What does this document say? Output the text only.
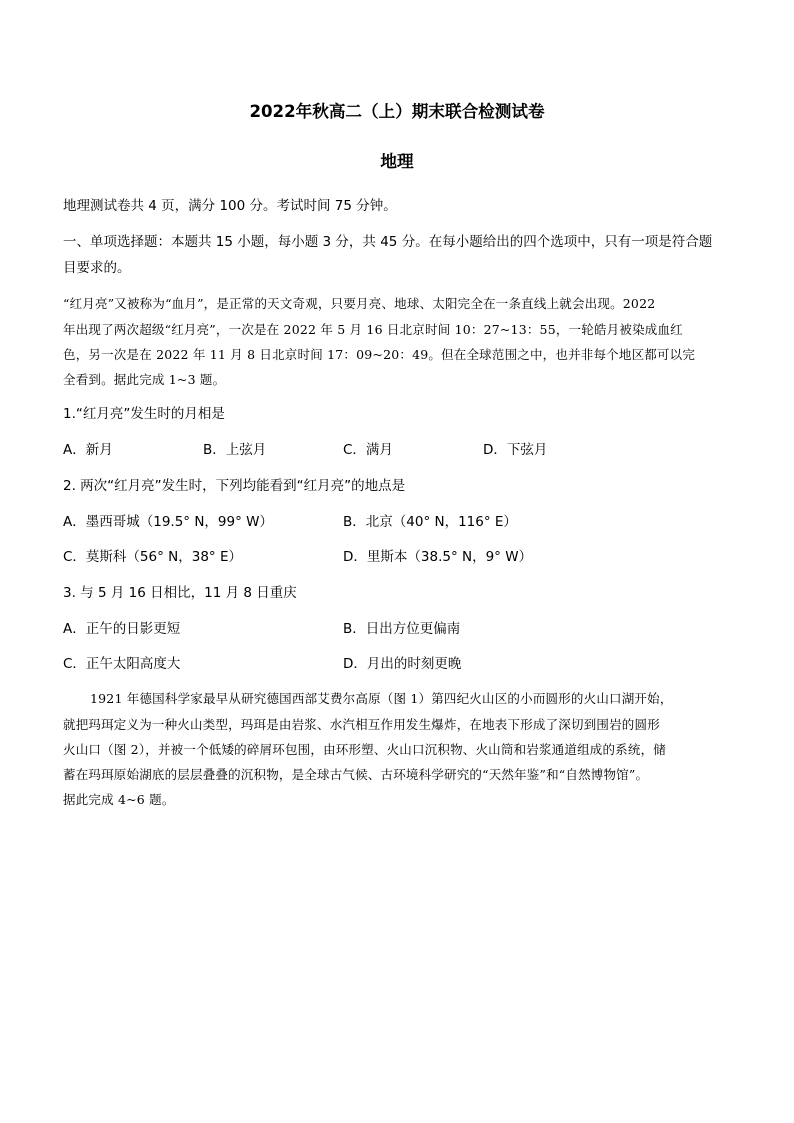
2022年秋高二（上）期末联合检测试卷
地理
地理测试卷共 4 页，满分 100 分。考试时间 75 分钟。
一、单项选择题：本题共 15 小题，每小题 3 分，共 45 分。在每小题给出的四个选项中，只有一项是符合题
目要求的。
“红月亮”又被称为“血月”，是正常的天文奇观，只要月亮、地球、太阳完全在一条直线上就会出现。2022
年出现了两次超级“红月亮”，一次是在 2022 年 5 月 16 日北京时间 10：27~13：55，一轮皓月被染成血红
色，另一次是在 2022 年 11 月 8 日北京时间 17：09~20：49。但在全球范围之中，也并非每个地区都可以完
全看到。据此完成 1~3 题。
1.“红月亮”发生时的月相是
A．新月	B．上弦月	C．满月	D．下弦月
2. 两次“红月亮”发生时，下列均能看到“红月亮”的地点是
A．墨西哥城（19.5° N，99° W）	B．北京（40° N，116° E）
C．莫斯科（56° N，38° E）	D．里斯本（38.5° N，9° W）
3. 与 5 月 16 日相比，11 月 8 日重庆
A．正午的日影更短	B．日出方位更偏南
C．正午太阳高度大	D．月出的时刻更晚
1921 年德国科学家最早从研究德国西部艾费尔高原（图 1）第四纪火山区的小而圆形的火山口湖开始，
就把玛珥定义为一种火山类型，玛珥是由岩浆、水汽相互作用发生爆炸，在地表下形成了深切到围岩的圆形
火山口（图 2），并被一个低矮的碎屑环包围，由环形塑、火山口沉积物、火山筒和岩浆通道组成的系统，储
蓄在玛珥原始湖底的层层叠叠的沉积物，是全球古气候、古环境科学研究的“天然年鉴”和“自然博物馆”。
据此完成 4~6 题。
